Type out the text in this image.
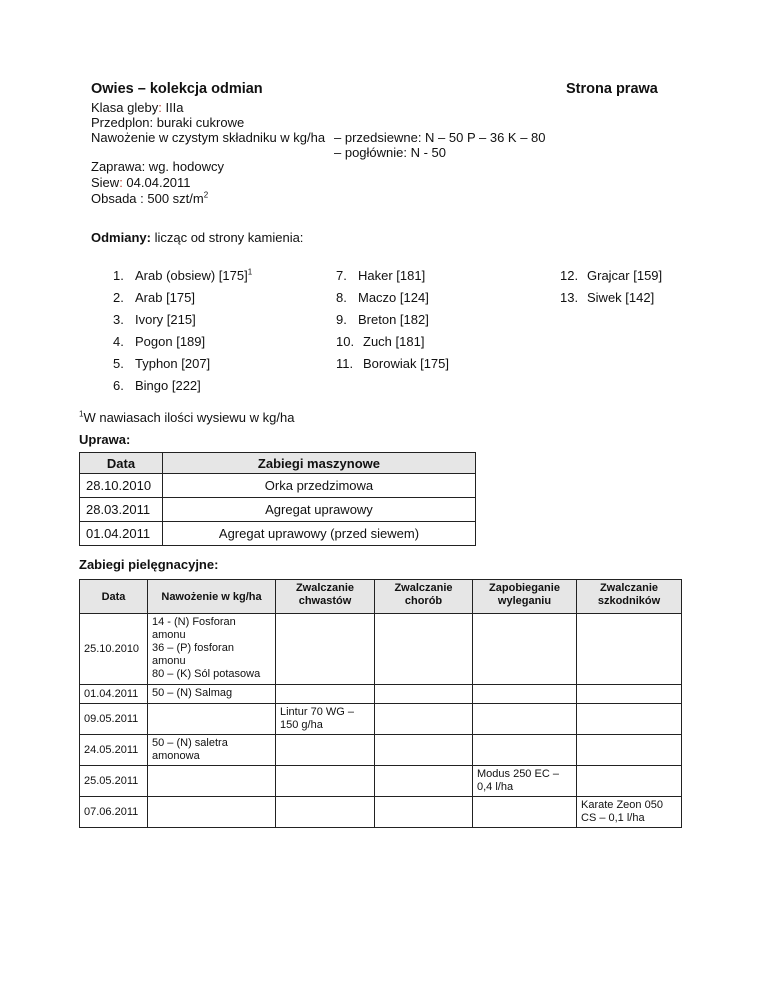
Owies – kolekcja odmian	Strona prawa
Klasa gleby: IIIa
Przedplon: buraki cukrowe
Nawożenie w czystym składniku w kg/ha – przedsiewne: N – 50 P – 36 K – 80
– pogłównie: N - 50
Zaprawa: wg. hodowcy
Siew: 04.04.2011
Obsada : 500 szt/$m^2$
Odmiany: licząc od strony kamienia:
1. Arab (obsiew) $[175]^1$
2. Arab [175]
3. Ivory [215]
4. Pogon [189]
5. Typhon [207]
6. Bingo [222]
7. Haker [181]
8. Maczo [124]
9. Breton [182]
10. Zuch [181]
11. Borowiak [175]
12. Grajcar [159]
13. Siwek [142]
$^1$W nawiasach ilości wysiewu w kg/ha
Uprawa:
Data	Zabiegi maszynowe
28.10.2010	Orka przedzimowa
28.03.2011	Agregat uprawowy
01.04.2011	Agregat uprawowy (przed siewem)
Zabiegi pielęgnacyjne:
Data	Nawożenie w kg/ha	Zwalczanie
chwastów	Zwalczanie
chorób	Zapobieganie
wyleganiu	Zwalczanie
szkodników
25.10.2010	14 - (N) Fosforan
amonu
36 – (P) fosforan
amonu
80 – (K) Sól potasowa				
01.04.2011	50 – (N) Salmag				
09.05.2011		Lintur 70 WG –
150 g/ha			
24.05.2011	50 – (N) saletra
amonowa				
25.05.2011				Modus 250 EC –
0,4 l/ha	
07.06.2011					Karate Zeon 050
CS – 0,1 l/ha
